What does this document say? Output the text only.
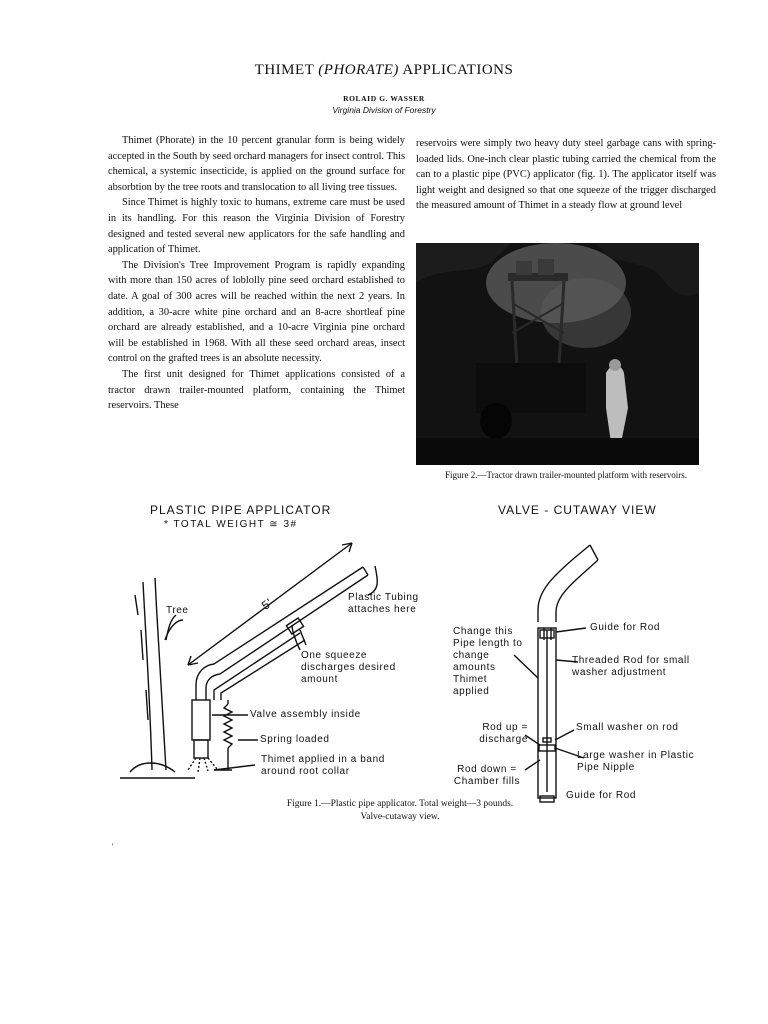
THIMET (PHORATE) APPLICATIONS
ROLAID G. WASSER
Virginia Division of Forestry

Thimet (Phorate) in the 10 percent granular form is being widely accepted in the South by seed orchard managers for insect control. This chemical, a systemic insecticide, is applied on the ground surface for absorbtion by the tree roots and translocation to all living tree tissues.

Since Thimet is highly toxic to humans, extreme care must be used in its handling. For this reason the Virginia Division of Forestry designed and tested several new applicators for the safe handling and application of Thimet.

The Division's Tree Improvement Program is rapidly expanding with more than 150 acres of loblolly pine seed orchard established to date. A goal of 300 acres will be reached within the next 2 years. In addition, a 30-acre white pine orchard and an 8-acre shortleaf pine orchard are already established, and a 10-acre Virginia pine orchard will be established in 1968. With all these seed orchard areas, insect control on the grafted trees is an absolute necessity.

The first unit designed for Thimet applications consisted of a tractor drawn trailer-mounted platform, containing the Thimet reservoirs. These

reservoirs were simply two heavy duty steel garbage cans with spring-loaded lids. One-inch clear plastic tubing carried the chemical from the can to a plastic pipe (PVC) applicator (fig. 1). The applicator itself was light weight and designed so that one squeeze of the trigger discharged the measured amount of Thimet in a steady flow at ground level

Figure 2.—Tractor drawn trailer-mounted platform with reservoirs.
PLASTIC PIPE APPLICATOR
* TOTAL WEIGHT ≅ 3#
Tree	5'	Plastic Tubing attaches here
One squeeze discharges desired amount
Valve assembly inside
Spring loaded
Thimet applied in a band around root collar
VALVE - CUTAWAY VIEW
Change this Pipe length to change amounts Thimet applied
Guide for Rod
Threaded Rod for small washer adjustment
Rod up = discharge
Small washer on rod
Large washer in Plastic Pipe Nipple
Rod down = Chamber fills
Guide for Rod
Figure 1.—Plastic pipe applicator. Total weight—3 pounds.
Valve-cutaway view.
'
